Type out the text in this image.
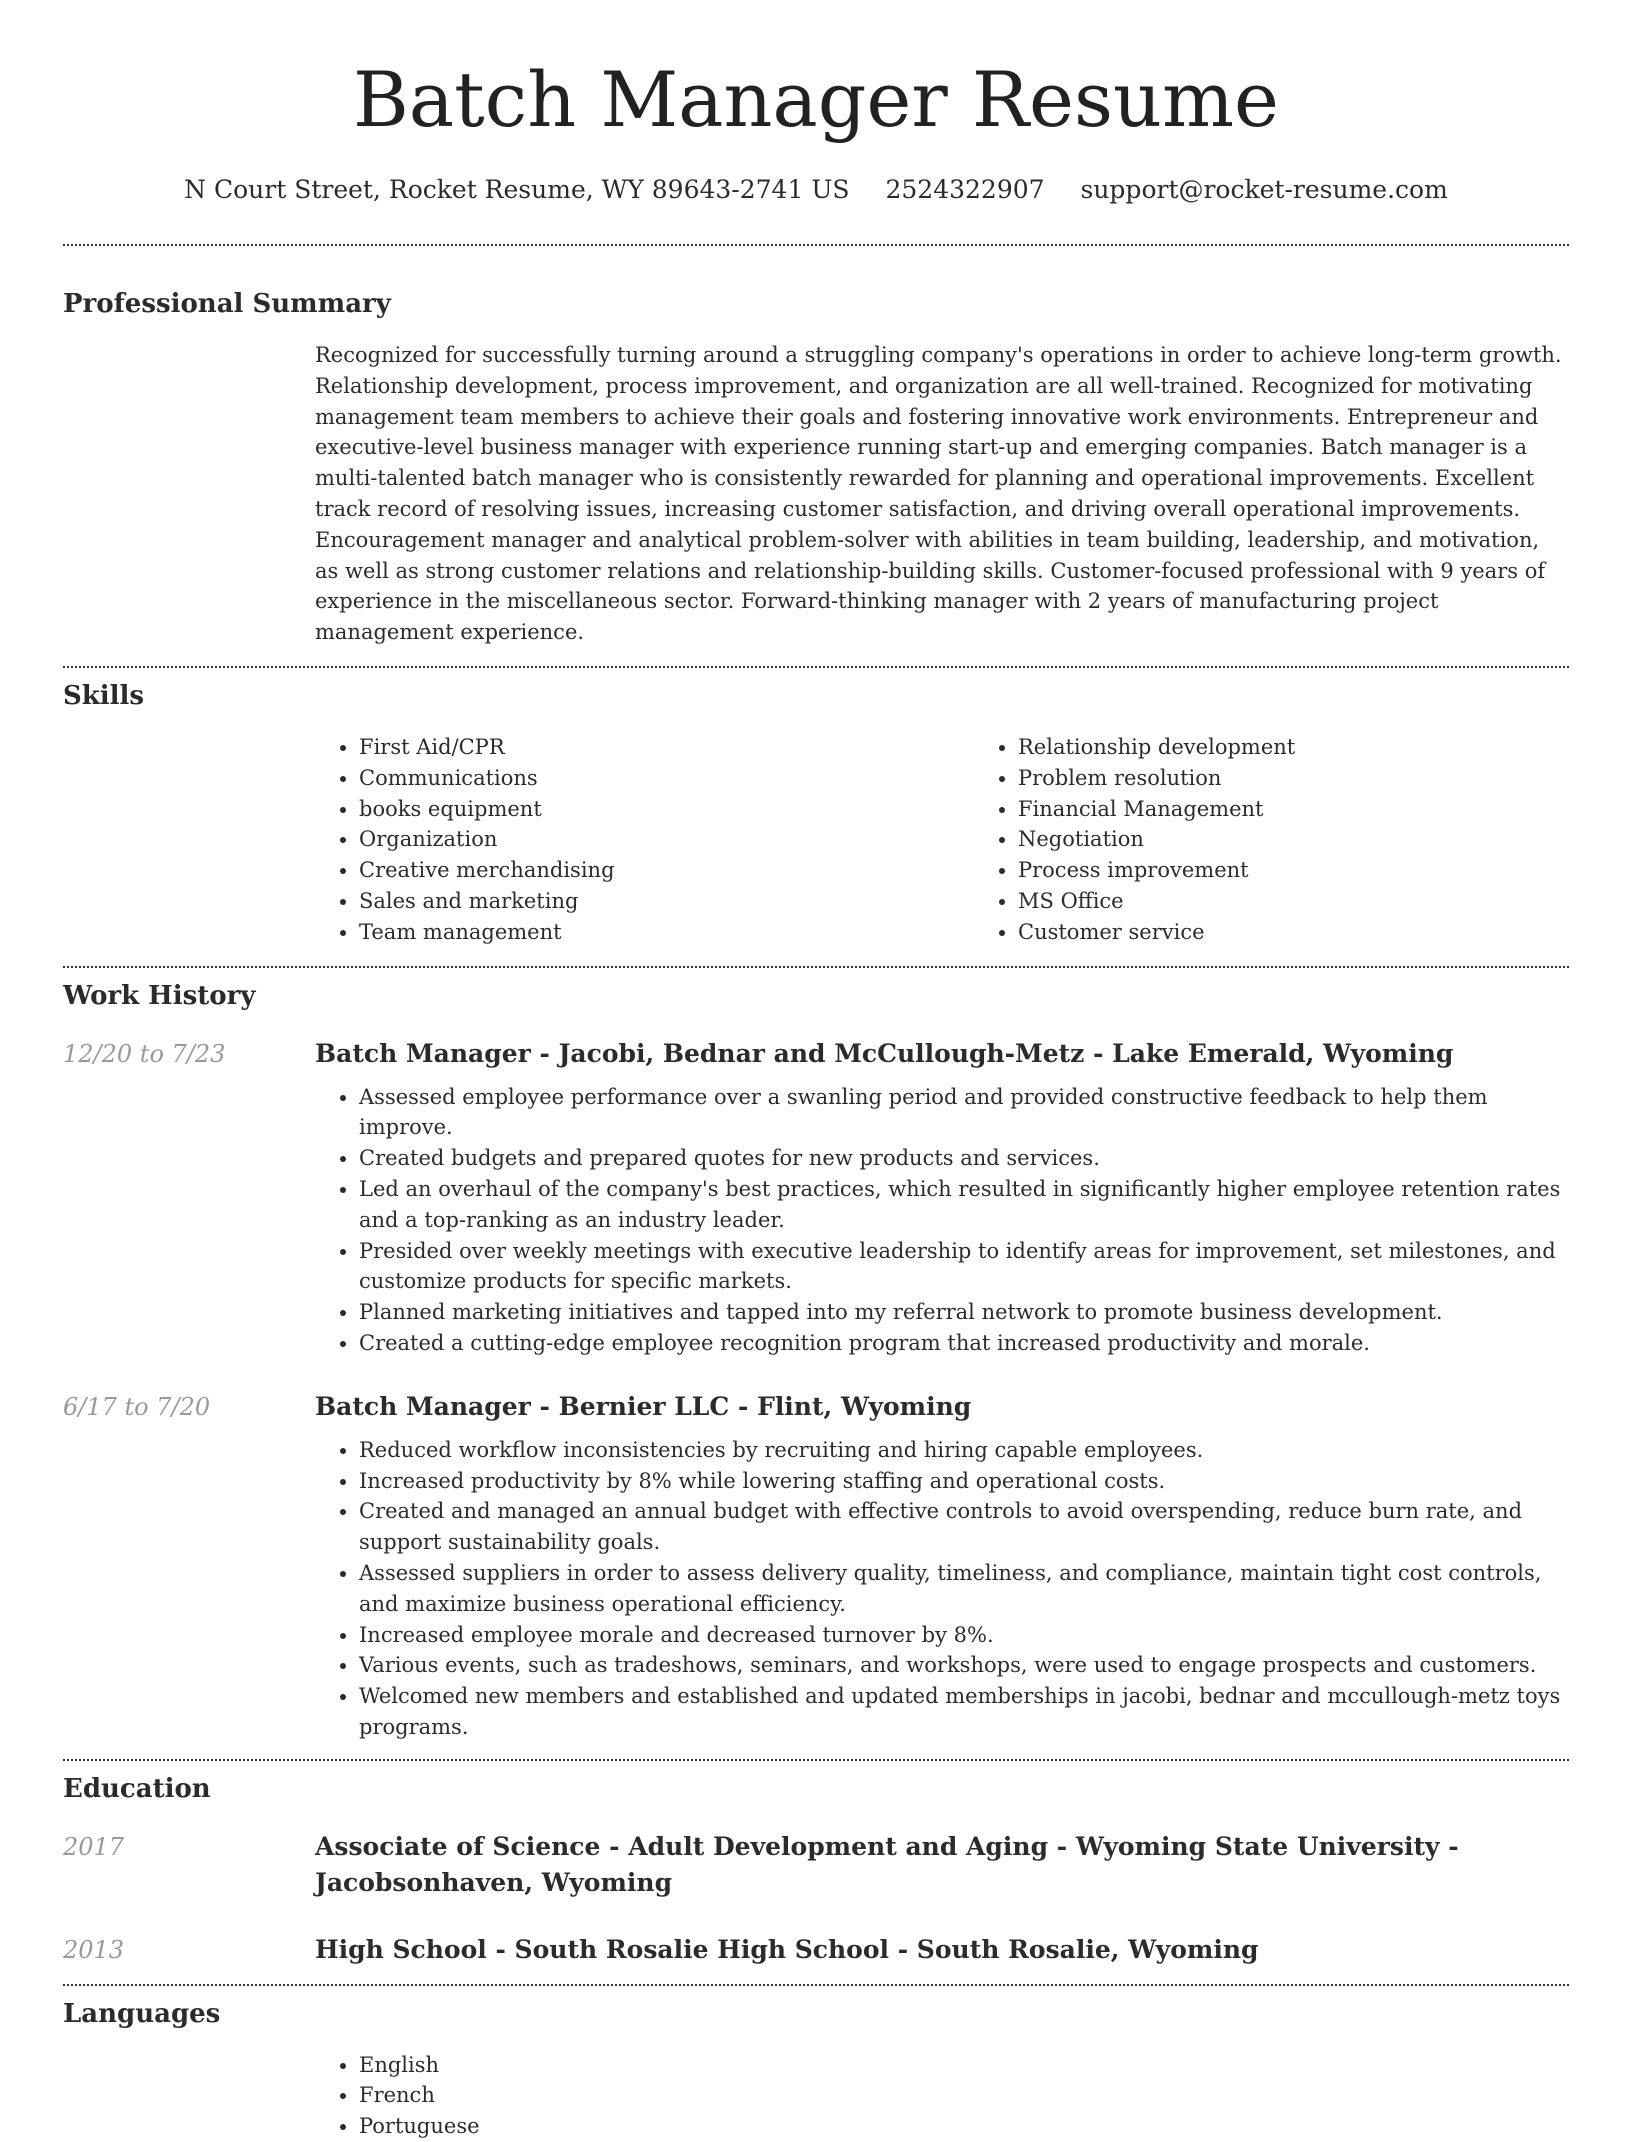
Batch Manager Resume
N Court Street, Rocket Resume, WY 89643-2741 US 2524322907 support@rocket-resume.com
Professional Summary

Recognized for successfully turning around a struggling company's operations in order to achieve long-term growth. Relationship development, process improvement, and organization are all well-trained. Recognized for motivating management team members to achieve their goals and fostering innovative work environments. Entrepreneur and executive-level business manager with experience running start-up and emerging companies. Batch manager is a multi-talented batch manager who is consistently rewarded for planning and operational improvements. Excellent track record of resolving issues, increasing customer satisfaction, and driving overall operational improvements. Encouragement manager and analytical problem-solver with abilities in team building, leadership, and motivation, as well as strong customer relations and relationship-building skills. Customer-focused professional with 9 years of experience in the miscellaneous sector. Forward-thinking manager with 2 years of manufacturing project management experience.

Skills
• First Aid/CPR
• Communications
• books equipment
• Organization
• Creative merchandising
• Sales and marketing
• Team management
• Relationship development
• Problem resolution
• Financial Management
• Negotiation
• Process improvement
• MS Office
• Customer service
Work History
12/20 to 7/23	Batch Manager - Jacobi, Bednar and McCullough-Metz - Lake Emerald, Wyoming
• Assessed employee performance over a swanling period and provided constructive feedback to help them improve.
• Created budgets and prepared quotes for new products and services.
• Led an overhaul of the company's best practices, which resulted in significantly higher employee retention rates and a top-ranking as an industry leader.
• Presided over weekly meetings with executive leadership to identify areas for improvement, set milestones, and customize products for specific markets.
• Planned marketing initiatives and tapped into my referral network to promote business development.
• Created a cutting-edge employee recognition program that increased productivity and morale.
6/17 to 7/20	Batch Manager - Bernier LLC - Flint, Wyoming
• Reduced workflow inconsistencies by recruiting and hiring capable employees.
• Increased productivity by 8% while lowering staffing and operational costs.
• Created and managed an annual budget with effective controls to avoid overspending, reduce burn rate, and support sustainability goals.
• Assessed suppliers in order to assess delivery quality, timeliness, and compliance, maintain tight cost controls, and maximize business operational efficiency.
• Increased employee morale and decreased turnover by 8%.
• Various events, such as tradeshows, seminars, and workshops, were used to engage prospects and customers.
• Welcomed new members and established and updated memberships in jacobi, bednar and mccullough-metz toys programs.
Education
2017	Associate of Science - Adult Development and Aging - Wyoming State University - Jacobsonhaven, Wyoming
2013	High School - South Rosalie High School - South Rosalie, Wyoming
Languages
• English
• French
• Portuguese
